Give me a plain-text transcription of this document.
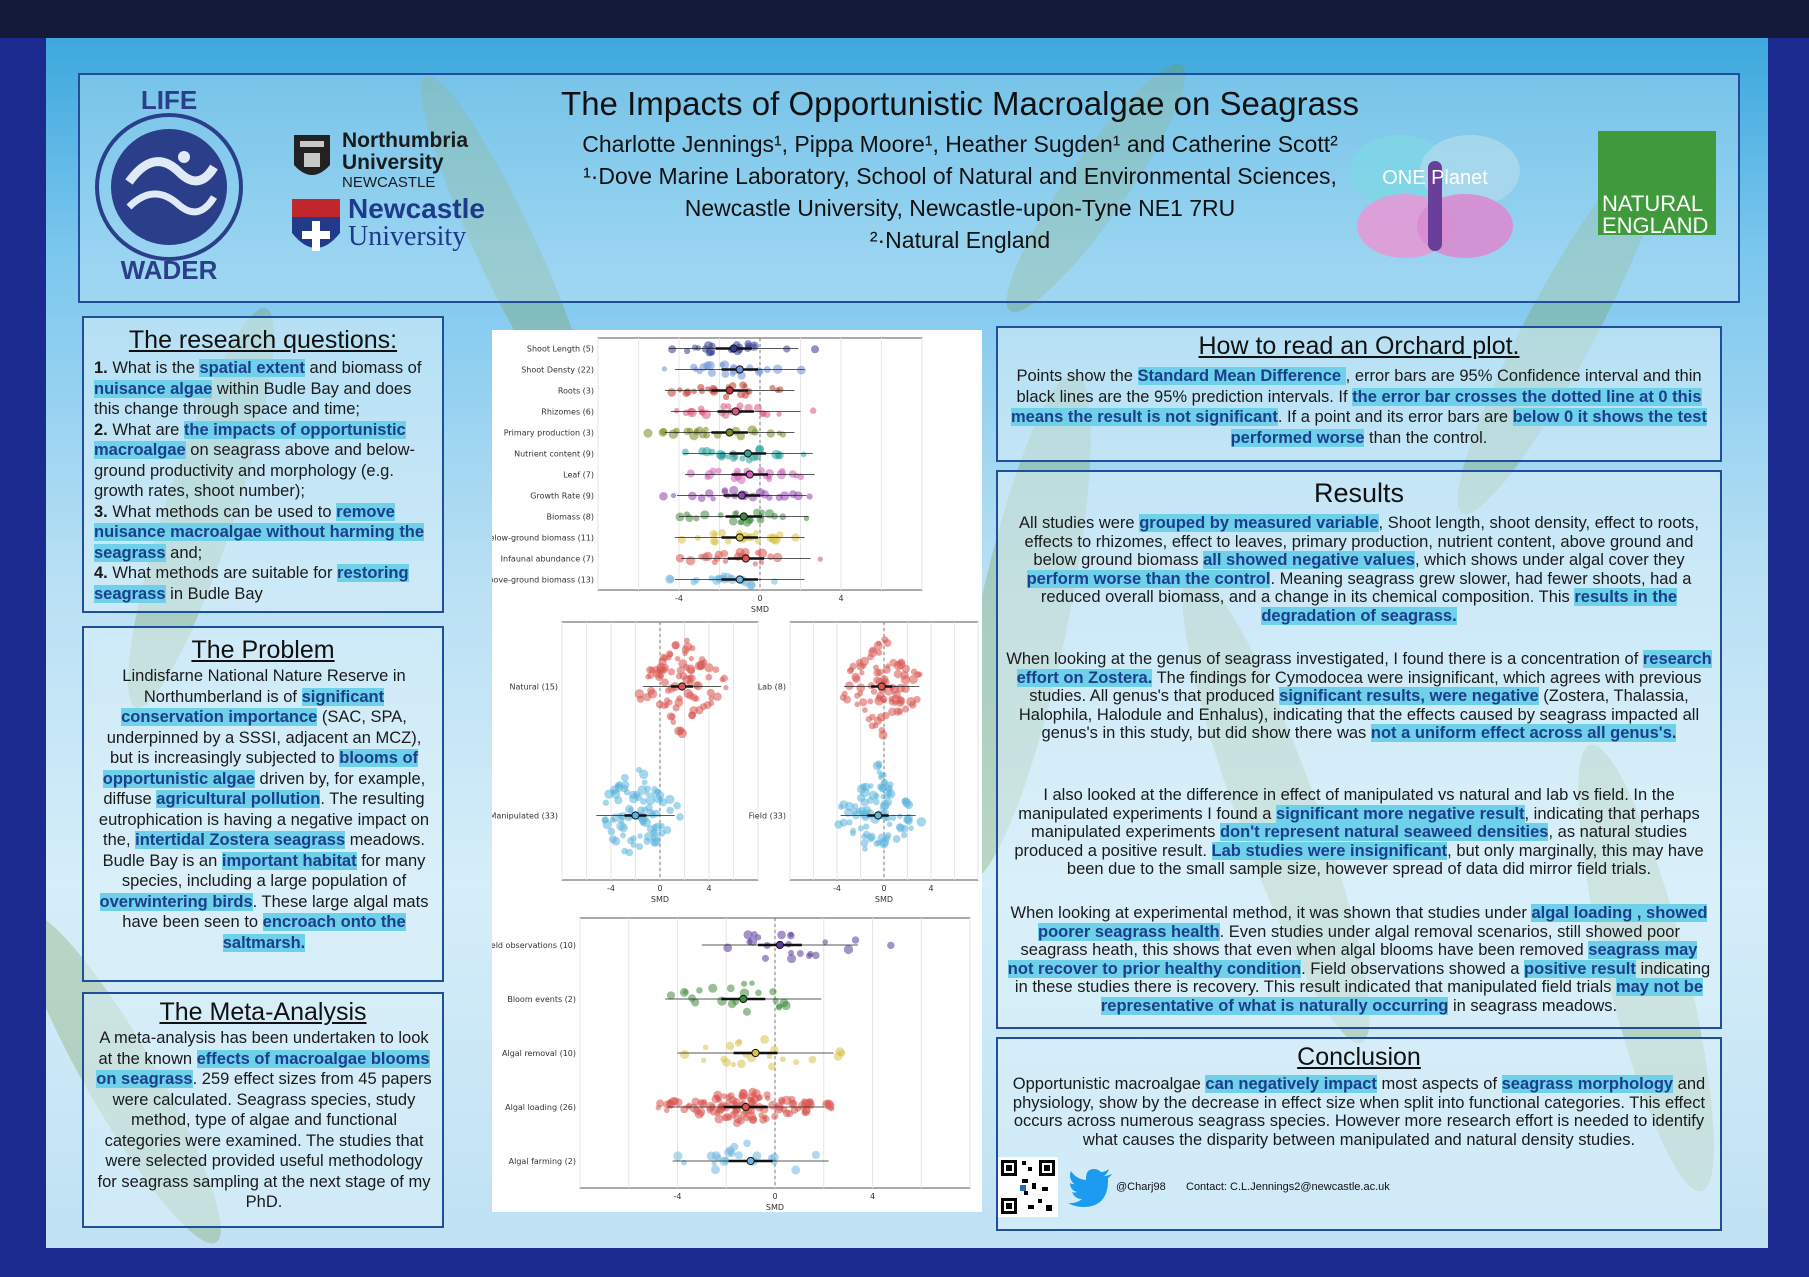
LIFE
WADER
Northumbria
University
NEWCASTLE
Newcastle
University
The Impacts of Opportunistic Macroalgae on Seagrass
Charlotte Jennings¹, Pippa Moore¹, Heather Sugden¹ and Catherine Scott²
¹·Dove Marine Laboratory, School of Natural and Environmental Sciences,
Newcastle University, Newcastle-upon-Tyne NE1 7RU
²·Natural England
ONE Planet
NATURAL
ENGLAND
The research questions:
1. What is the spatial extent and biomass of nuisance algae within Budle Bay and does this change through space and time;
2. What are the impacts of opportunistic macroalgae on seagrass above and below-ground productivity and morphology (e.g. growth rates, shoot number);
3. What methods can be used to remove nuisance macroalgae without harming the seagrass and;
4. What methods are suitable for restoring seagrass in Budle Bay
The Problem
Lindisfarne National Nature Reserve in Northumberland is of significant conservation importance (SAC, SPA, underpinned by a SSSI, adjacent an MCZ), but is increasingly subjected to blooms of opportunistic algae driven by, for example, diffuse agricultural pollution. The resulting eutrophication is having a negative impact on the, intertidal Zostera seagrass meadows. Budle Bay is an important habitat for many species, including a large population of overwintering birds. These large algal mats have been seen to encroach onto the saltmarsh.
The Meta-Analysis
A meta-analysis has been undertaken to look at the known effects of macroalgae blooms on seagrass. 259 effect sizes from 45 papers were calculated. Seagrass species, study method, type of algae and functional categories were examined. The studies that were selected provided useful methodology for seagrass sampling at the next stage of my PhD.
Shoot Length (5)
Shoot Densty (22)
Roots (3)
Rhizomes (6)
Primary production (3)
Nutrient content (9)
Leaf (7)
Growth Rate (9)
Biomass (8)
Below-ground biomass (11)
Infaunal abundance (7)
Above-ground biomass (13)
-4	0	4
SMD
Natural (15)
Manipulated (33)
-4	0	4
SMD
Lab (8)
Field (33)
-4	0	4
SMD
Field observations (10)
Bloom events (2)
Algal removal (10)
Algal loading (26)
Algal farming (2)
-4	0	4
SMD
How to read an Orchard plot.
Points show the Standard Mean Difference , error bars are 95% Confidence interval and thin black lines are the 95% prediction intervals. If the error bar crosses the dotted line at 0 this means the result is not significant. If a point and its error bars are below 0 it shows the test performed worse than the control.
Results
All studies were grouped by measured variable, Shoot length, shoot density, effect to roots, effects to rhizomes, effect to leaves, primary production, nutrient content, above ground and below ground biomass all showed negative values, which shows under algal cover they perform worse than the control. Meaning seagrass grew slower, had fewer shoots, had a reduced overall biomass, and a change in its chemical composition. This results in the degradation of seagrass.
When looking at the genus of seagrass investigated, I found there is a concentration of research effort on Zostera. The findings for Cymodocea were insignificant, which agrees with previous studies. All genus's that produced significant results, were negative (Zostera, Thalassia, Halophila, Halodule and Enhalus), indicating that the effects caused by seagrass impacted all genus's in this study, but did show there was not a uniform effect across all genus's.
I also looked at the difference in effect of manipulated vs natural and lab vs field. In the manipulated experiments I found a significant more negative result, indicating that perhaps manipulated experiments don't represent natural seaweed densities, as natural studies produced a positive result. Lab studies were insignificant, but only marginally, this may have been due to the small sample size, however spread of data did mirror field trials.
When looking at experimental method, it was shown that studies under algal loading , showed poorer seagrass health. Even studies under algal removal scenarios, still showed poor seagrass heath, this shows that even when algal blooms have been removed seagrass may not recover to prior healthy condition. Field observations showed a positive result indicating in these studies there is recovery. This result indicated that manipulated field trials may not be representative of what is naturally occurring in seagrass meadows.
Conclusion
Opportunistic macroalgae can negatively impact most aspects of seagrass morphology and physiology, show by the decrease in effect size when split into functional categories. This effect occurs across numerous seagrass species. However more research effort is needed to identify what causes the disparity between manipulated and natural density studies.
@Charj98 Contact: C.L.Jennings2@newcastle.ac.uk
